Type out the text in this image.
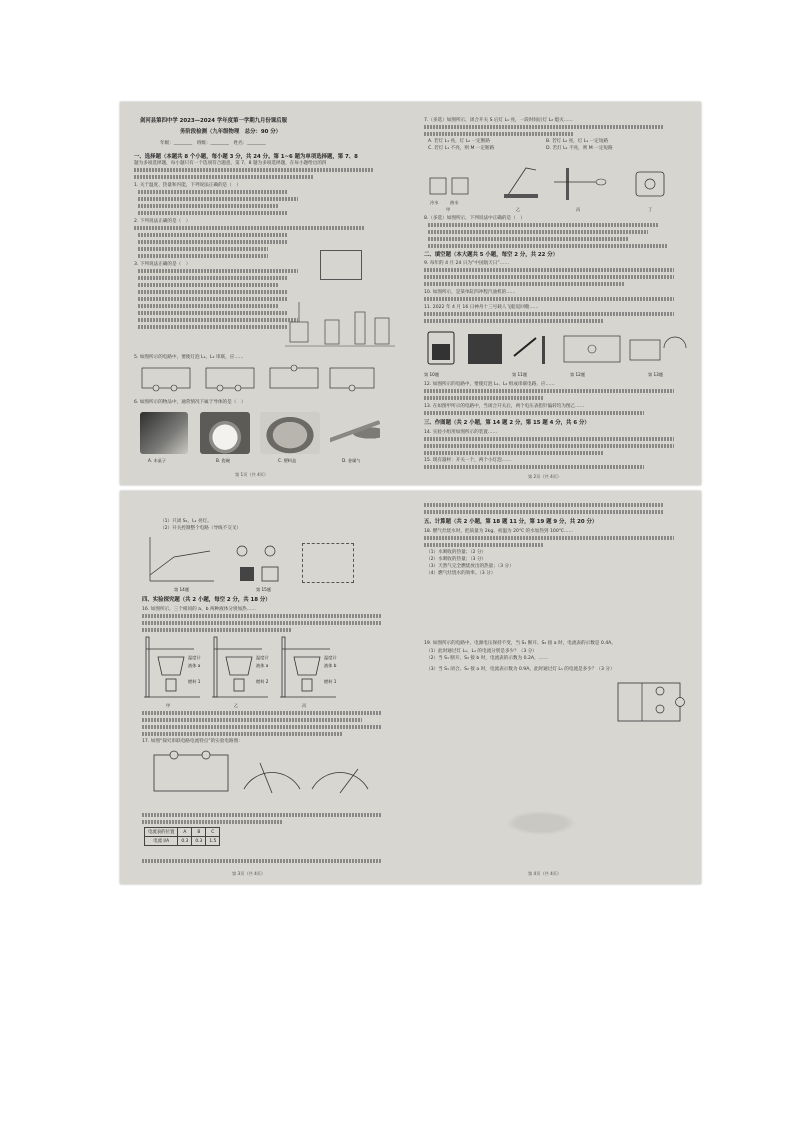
剑河县第四中学 2023—2024 学年度第一学期九月份课后服
务阶段检测（九年级物理　总分：90 分）
年级：________　班级：________　姓名：________
一、选择题（本题共 8 个小题，每小题 3 分，共 24 分。第 1~6 题为单项选择题，第 7、8
题为多项选择题，每小题只有一个选项符合题意，第 7、8 题为多项选择题，在每小题给出的四
1. 关于温度、热量和内能，下列说法正确的是（　）
2. 下列说法正确的是（　）
3. 下列说法正确的是（　）
5. 如图所示的电路中，要使灯泡 L₁、L₂ 串联，应……
6. 如图所示的物品中，通常情况下属于导体的是（　）
A. 木桌子	B. 瓷碗	C. 塑料盒	D. 金属勺
第 1页（共 4页）
7.（多选）如图所示，闭合开关 S 后灯 L₁ 亮，一段时间后灯 L₂ 熄灭……
A. 若灯 L₁ 亮，灯 L₂ 一定断路	B. 若灯 L₂ 亮，灯 L₁ 一定短路
C. 若灯 L₁ 不亮，则 M 一定断路	D. 若灯 L₁ 不亮，则 M 一定短路
冷水	热水
甲	乙	丙	丁
8.（多选）如图所示，下列说法中正确的是（　）
二、填空题（本大题共 5 小题，每空 2 分，共 22 分）
9. 每年的 4 月 24 日为“中国航天日”……
10. 如图所示，是某单缸四冲程汽油机的……
11. 2022 年 4 月 16 日神舟十三号载人飞船返回舱……
第 10题	第 11题	第 12题	第 13题
12. 如图所示的电路中，要使灯泡 L₁、L₂ 组成串联电路，应……
13. 在如图甲所示的电路中，当闭合开关后，两个电压表指针偏转均为图乙……
三、作图题（共 2 小题，第 14 题 2 分，第 15 题 4 分，共 6 分）
14. 实验小组用如图所示的装置……
15. 现有器材：开关一个，两个小灯泡……
第 2页（共 4页）
（1）只闭 S₁，L₁ 亮灯。
（2）开关控制整个电路（导线不交叉）
第 14题	第 15题
四、实验探究题（共 2 小题，每空 2 分，共 18 分）
16. 如图所示，三个相同的 a、b 两种液体分别加热……
温度计
液体 a
燃料 1
温度计
液体 a
燃料 2
温度计
液体 b
燃料 1
甲	乙	丙
17. 如图“探究串联电路电流特点”的实验电路图：
电流表的位置	A	B	C
电流 I/A	0.3	0.3	1.5
第 3页（共 4页）
五、计算题（共 2 小题，第 18 题 11 分，第 19 题 9 分，共 20 分）
18. 燃气灶烧水时，把质量为 2kg、初温为 20℃ 的水加热到 100℃……
（1）水吸收的热量；（2 分）
（2）水吸收的热量；（3 分）
（3）天然气完全燃烧放出的热量；（3 分）
（4）燃气灶烧水的效率。（3 分）
19. 如图所示的电路中，电源电压保持不变，当 S₁ 断开、S₂ 接 a 时，电流表的示数是 0.4A。
（1）此时通过灯 L₁、L₂ 的电流分别是多少？（3 分）
（2）当 S₁ 断开、S₂ 接 b 时，电流表的示数为 0.2A，……
（3）当 S₁ 闭合、S₂ 接 a 时，电流表示数为 0.9A，此时通过灯 L₁ 的电流是多少？（3 分）
第 4页（共 4页）
